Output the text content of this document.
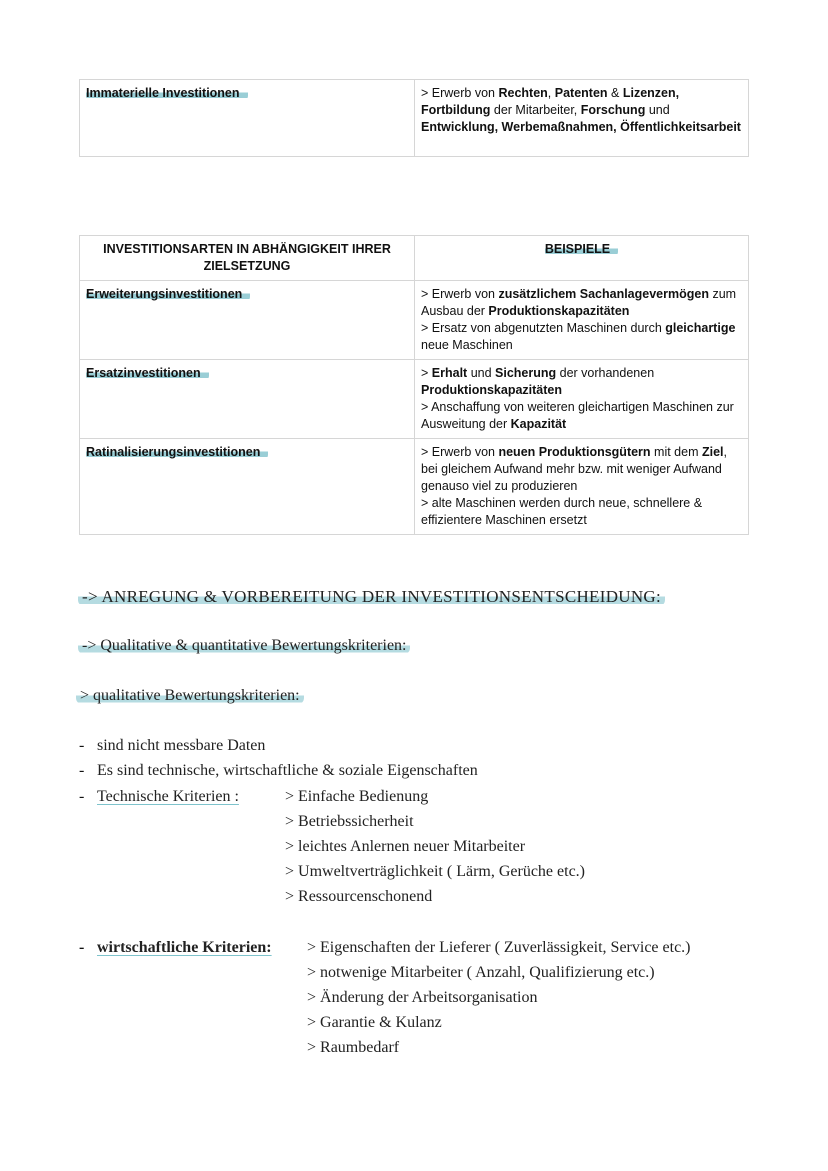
Immaterielle Investitionen	> Erwerb von Rechten, Patenten & Lizenzen, Fortbildung der Mitarbeiter, Forschung und Entwicklung, Werbemaßnahmen, Öffentlichkeitsarbeit
INVESTITIONSARTEN IN ABHÄNGIGKEIT IHRER ZIELSETZUNG	BEISPIELE
Erweiterungsinvestitionen	> Erwerb von zusätzlichem Sachanlagevermögen zum Ausbau der Produktionskapazitäten
> Ersatz von abgenutzten Maschinen durch gleichartige neue Maschinen
Ersatzinvestitionen	> Erhalt und Sicherung der vorhandenen Produktionskapazitäten
> Anschaffung von weiteren gleichartigen Maschinen zur Ausweitung der Kapazität
Ratinalisierungsinvestitionen	> Erwerb von neuen Produktionsgütern mit dem Ziel, bei gleichem Aufwand mehr bzw. mit weniger Aufwand genauso viel zu produzieren
> alte Maschinen werden durch neue, schnellere & effizientere Maschinen ersetzt
-> ANREGUNG & VORBEREITUNG DER INVESTITIONSENTSCHEIDUNG:
-> Qualitative & quantitative Bewertungskriterien:
> qualitative Bewertungskriterien:
- sind nicht messbare Daten
- Es sind technische, wirtschaftliche & soziale Eigenschaften
- Technische Kriterien :	> Einfache Bedienung
> Betriebssicherheit
> leichtes Anlernen neuer Mitarbeiter
> Umweltverträglichkeit ( Lärm, Gerüche etc.)
> Ressourcenschonend
- wirtschaftliche Kriterien: > Eigenschaften der Lieferer ( Zuverlässigkeit, Service etc.)
> notwenige Mitarbeiter ( Anzahl, Qualifizierung etc.)
> Änderung der Arbeitsorganisation
> Garantie & Kulanz
> Raumbedarf
